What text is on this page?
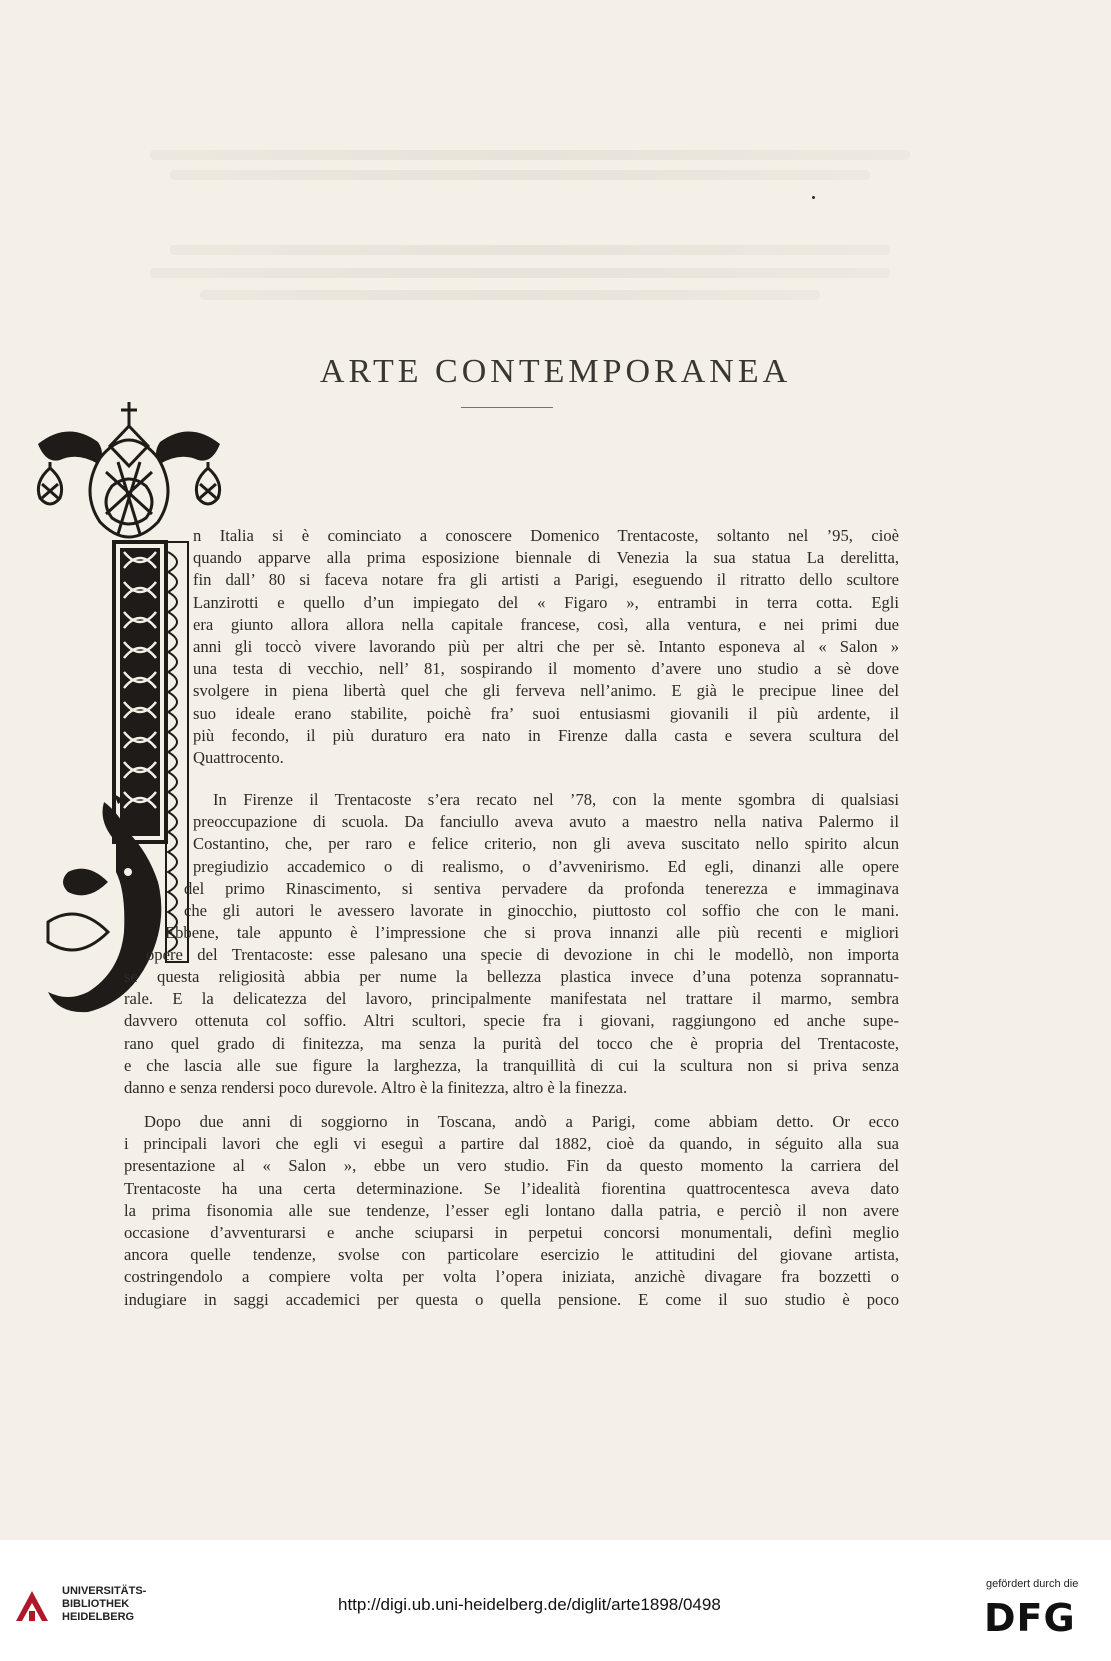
ARTE CONTEMPORANEA
n Italia si è cominciato a conoscere Domenico Trentacoste, soltanto nel ’95, cioè
quando apparve alla prima esposizione biennale di Venezia la sua statua La derelitta,
fin dall’ 80 si faceva notare fra gli artisti a Parigi, eseguendo il ritratto dello scultore
Lanzirotti e quello d’un impiegato del « Figaro », entrambi in terra cotta. Egli
era giunto allora allora nella capitale francese, così, alla ventura, e nei primi due
anni gli toccò vivere lavorando più per altri che per sè. Intanto esponeva al « Salon »
una testa di vecchio, nell’ 81, sospirando il momento d’avere uno studio a sè dove
svolgere in piena libertà quel che gli ferveva nell’animo. E già le precipue linee del
suo ideale erano stabilite, poichè fra’ suoi entusiasmi giovanili il più ardente, il
più fecondo, il più duraturo era nato in Firenze dalla casta e severa scultura del
Quattrocento.
In Firenze il Trentacoste s’era recato nel ’78, con la mente sgombra di qualsiasi
preoccupazione di scuola. Da fanciullo aveva avuto a maestro nella nativa Palermo il
Costantino, che, per raro e felice criterio, non gli aveva suscitato nello spirito alcun
pregiudizio accademico o di realismo, o d’avvenirismo. Ed egli, dinanzi alle opere
del primo Rinascimento, si sentiva pervadere da profonda tenerezza e immaginava
che gli autori le avessero lavorate in ginocchio, piuttosto col soffio che con le mani.
Ebbene, tale appunto è l’impressione che si prova innanzi alle più recenti e migliori
opere del Trentacoste: esse palesano una specie di devozione in chi le modellò, non importa
se questa religiosità abbia per nume la bellezza plastica invece d’una potenza soprannatu-
rale. E la delicatezza del lavoro, principalmente manifestata nel trattare il marmo, sembra
davvero ottenuta col soffio. Altri scultori, specie fra i giovani, raggiungono ed anche supe-
rano quel grado di finitezza, ma senza la purità del tocco che è propria del Trentacoste,
e che lascia alle sue figure la larghezza, la tranquillità di cui la scultura non si priva senza
danno e senza rendersi poco durevole. Altro è la finitezza, altro è la finezza.
Dopo due anni di soggiorno in Toscana, andò a Parigi, come abbiam detto. Or ecco
i principali lavori che egli vi eseguì a partire dal 1882, cioè da quando, in séguito alla sua
presentazione al « Salon », ebbe un vero studio. Fin da questo momento la carriera del
Trentacoste ha una certa determinazione. Se l’idealità fiorentina quattrocentesca aveva dato
la prima fisonomia alle sue tendenze, l’esser egli lontano dalla patria, e perciò il non avere
occasione d’avventurarsi e anche sciuparsi in perpetui concorsi monumentali, definì meglio
ancora quelle tendenze, svolse con particolare esercizio le attitudini del giovane artista,
costringendolo a compiere volta per volta l’opera iniziata, anzichè divagare fra bozzetti o
indugiare in saggi accademici per questa o quella pensione. E come il suo studio è poco
UNIVERSITÄTS-
BIBLIOTHEK
HEIDELBERG
http://digi.ub.uni-heidelberg.de/diglit/arte1898/0498
gefördert durch die
DFG
